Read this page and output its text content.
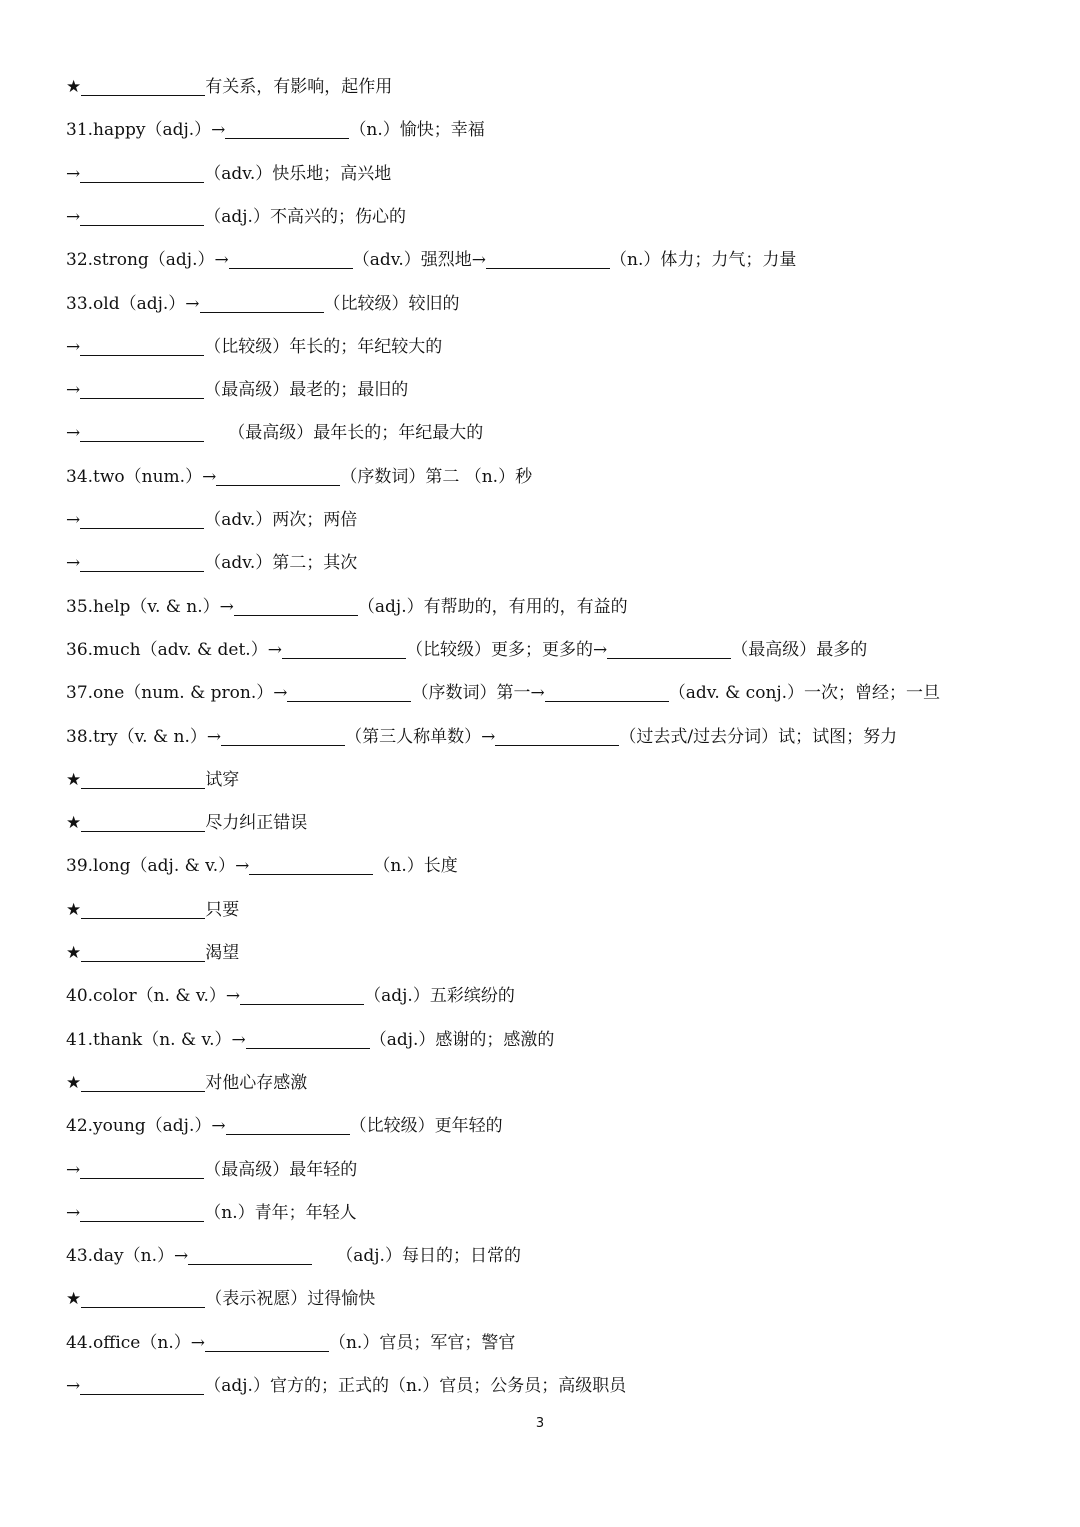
★	有关系，有影响，起作用
31.happy（adj.）→	（n.）愉快；幸福
→	（adv.）快乐地；高兴地
→	（adj.）不高兴的；伤心的
32.strong（adj.）→	（adv.）强烈地→	（n.）体力；力气；力量
33.old（adj.）→	（比较级）较旧的
→	（比较级）年长的；年纪较大的
→	（最高级）最老的；最旧的
→	（最高级）最年长的；年纪最大的
34.two（num.）→	（序数词）第二 （n.）秒
→	（adv.）两次；两倍
→	（adv.）第二；其次
35.help（v. & n.）→	（adj.）有帮助的，有用的，有益的
36.much（adv. & det.）→	（比较级）更多；更多的→	（最高级）最多的
37.one（num. & pron.）→	（序数词）第一→	（adv. & conj.）一次；曾经；一旦
38.try（v. & n.）→	（第三人称单数）→	（过去式/过去分词）试；试图；努力
★	试穿
★	尽力纠正错误
39.long（adj. & v.）→	（n.）长度
★	只要
★	渴望
40.color（n. & v.）→	（adj.）五彩缤纷的
41.thank（n. & v.）→	（adj.）感谢的；感激的
★	对他心存感激
42.young（adj.）→	（比较级）更年轻的
→	（最高级）最年轻的
→	（n.）青年；年轻人
43.day（n.）→	（adj.）每日的；日常的
★	（表示祝愿）过得愉快
44.office（n.）→	（n.）官员；军官；警官
→	（adj.）官方的；正式的（n.）官员；公务员；高级职员
3
